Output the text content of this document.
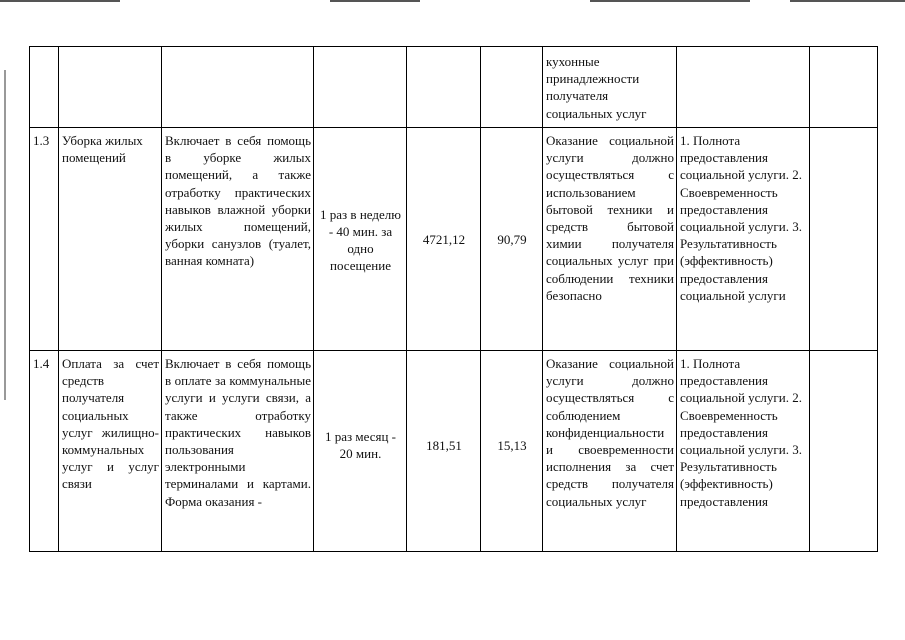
						кухонные принадлежности получателя социальных услуг		
1.3	Уборка жилых помещений	Включает в себя помощь в уборке жилых помещений, а также отработку практических навыков влажной уборки жилых помещений, уборки санузлов (туалет, ванная комната)	1 раз в неделю - 40 мин. за одно посещение	4721,12	90,79	Оказание социальной услуги должно осуществляться с использованием бытовой техники и средств бытовой химии получателя социальных услуг при соблюдении техники безопасно	1. Полнота предоставления социальной услуги. 2. Своевременность предоставления социальной услуги. 3. Результативность (эффективность) предоставления социальной услуги	
1.4	Оплата за счет средств получателя социальных услуг жилищно-коммунальных услуг и услуг связи	Включает в себя помощь в оплате за коммунальные услуги и услуги связи, а также отработку практических навыков пользования электронными терминалами и картами. Форма оказания -	1 раз месяц - 20 мин.	181,51	15,13	Оказание социальной услуги должно осуществляться с соблюдением конфиденциальности и своевременности исполнения за счет средств получателя социальных услуг	1. Полнота предоставления социальной услуги. 2. Своевременность предоставления социальной услуги. 3. Результативность (эффективность) предоставления	
